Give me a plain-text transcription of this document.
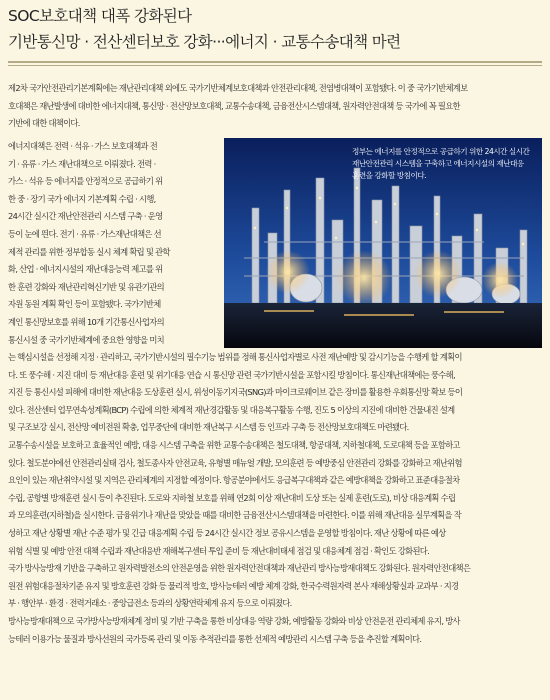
SOC보호대책 대폭 강화된다
기반통신망 · 전산센터보호 강화···에너지 · 교통수송대책 마련
제2차 국가안전관리기본계획에는 재난관리대책 외에도 국가기반체계보호대책과 안전관리대책, 전염병대책이 포함됐다. 이 중 국가기반체계보
호대책은 재난발생에 대비한 에너지대책, 통신망 · 전산망보호대책, 교통수송대책, 금융전산시스템대책, 원자력안전대책 등 국가에 꼭 필요한
기반에 대한 대책이다.
에너지대책은 전력 · 석유 · 가스 보호대책과 전
기 · 유류 · 가스 재난대책으로 이뤄졌다. 전력 ·
가스 · 석유 등 에너지를 안정적으로 공급하기 위
한 중 · 장기 국가 에너지 기본계획 수립 · 시행,
24시간 실시간 재난안전관리 시스템 구축 · 운영
등이 눈에 띈다. 전기 · 유류 · 가스재난대책은 선
제적 관리를 위한 정부합동 실시 체계 확립 및 관학
화, 산업 · 에너지시설의 재난대응능력 제고를 위
한 훈련 강화와 재난관리혁신기반 및 유관기관의
자원 동원 계획 확인 등이 포함됐다. 국가기반체
계인 통신망보호를 위해 10개 기간통신사업자의
통신시설 중 국가기반체계에 중요한 영향을 미치
정부는 에너지를 안정적으로 공급하기 위한 24시간 실시간 재난안전관리 시스템을 구축하고 에너지시설의 재난대응 훈련을 강화할 방침이다.
는 핵심시설을 선정해 지정 · 관리하고, 국가기반시설의 필수기능 범위를 정해 통신사업자별로 사전 재난예방 및 감시기능을 수행케 할 계획이
다. 또 풍수해 · 지진 대비 등 재난대응 훈련 및 위기대응 연습 시 통신망 관련 국가기반시설을 포함시킬 방침이다. 통신재난대책에는 풍수해,
지진 등 통신시설 피해에 대비한 재난대응 도상훈련 실시, 위성이동기지국(SNG)과 마이크로웨이브 같은 장비를 활용한 우회통신망 확보 등이
있다. 전산센터 업무연속성계획(BCP) 수립에 의한 체계적 재난경감활동 및 대응복구활동 수행, 진도 5 이상의 지진에 대비한 건물내진 설계
및 구조보강 실시, 전산망 예비전원 확충, 업무중단에 대비한 재난복구 시스템 등 인프라 구축 등 전산망보호대책도 마련됐다.
교통수송시설을 보호하고 효율적인 예방, 대응 시스템 구축을 위한 교통수송대책은 철도대책, 항공대책, 지하철대책, 도로대책 등을 포함하고
있다. 철도분야에선 안전관리실태 검사, 철도종사자 안전교육, 유형별 매뉴얼 개발, 모의훈련 등 예방중심 안전관리 강화를 강화하고 재난위험
요인이 있는 재난취약시설 및 지역은 관리체계의 지정할 예정이다. 항공분야에서도 응급복구대책과 같은 예방대책을 강화하고 표준대응절차
수립, 공항별 방재훈련 실시 등이 추진된다. 도로와 지하철 보호를 위해 연2회 이상 재난대비 도상 또는 실제 훈련(도로), 비상 대응계획 수립
과 모의훈련(지하철)을 실시한다. 금융위기나 재난을 맞았을 때를 대비한 금융전산시스템대책을 마련한다. 이를 위해 재난대응 실무계획을 작
성하고 재난 상황별 재난 수준 평가 및 긴급 대응계획 수립 등 24시간 실시간 정보 공유시스템을 운영할 방침이다. 재난 상황에 따른 예상
위험 식별 및 예방 안전 대책 수립과 재난대응반 재해복구센터 투입 준비 등 재난대비태세 점검 및 대응체계 점검 · 확인도 강화된다.
국가 방사능방재 기반을 구축하고 원자력발전소의 안전운영을 위한 원자력안전대책과 재난관리 방사능방재대책도 강화된다. 원자력안전대책은
원전 위험대응절차기준 유지 및 방호훈련 강화 등 물리적 방호, 방사능테러 예방 체계 강화, 한국수력원자력 본사 재해상황실과 교과부 · 지경
부 · 행안부 · 환경 · 전력거래소 · 중앙급전소 등과의 상황연락체계 유지 등으로 이뤄졌다.
방사능방재대책으로 국가방사능방재체계 정비 및 기반 구축을 통한 비상대응 역량 강화, 예방활동 강화와 비상 안전운전 관리체제 유지, 방사
능테러 이용가능 물질과 방사선원의 국가등록 관리 및 이동 추적관리를 통한 선제적 예방관리 시스템 구축 등을 추진할 계획이다.
